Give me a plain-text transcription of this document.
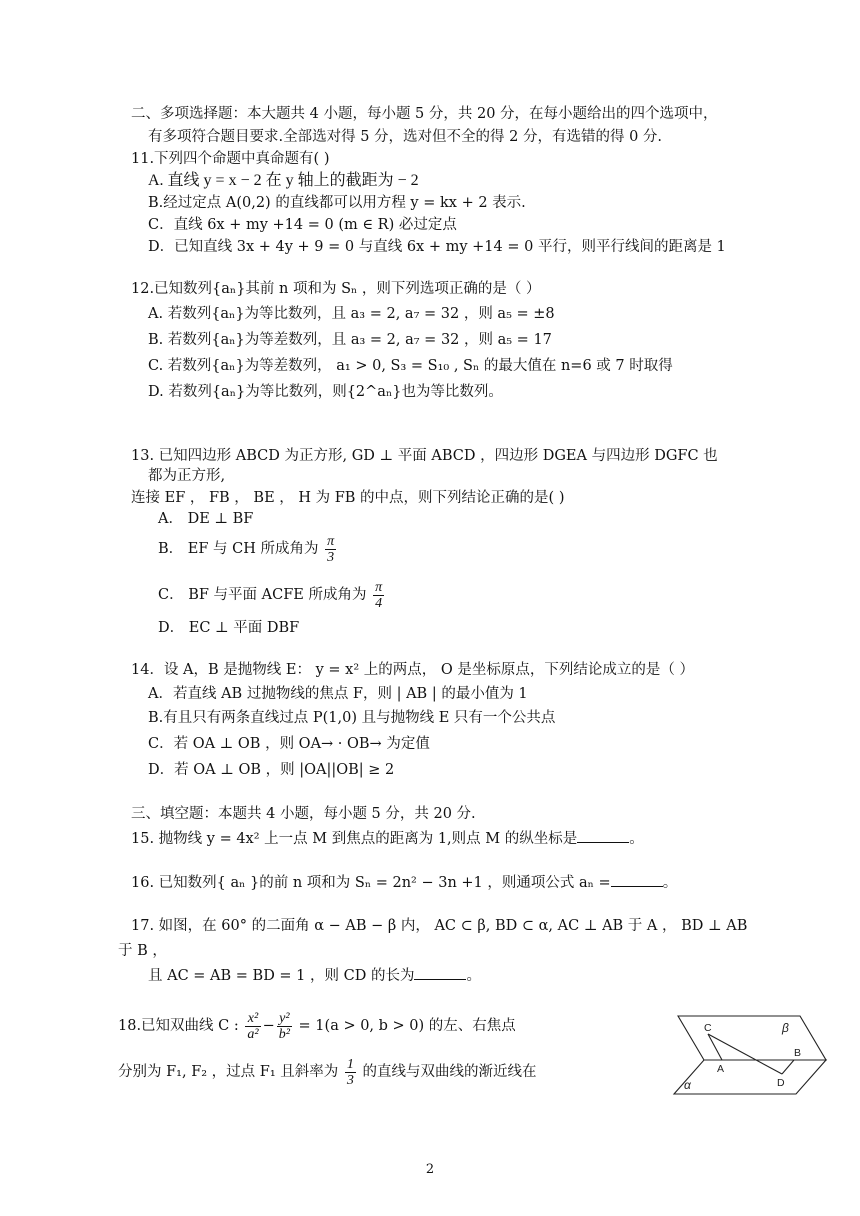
二、多项选择题：本大题共 4 小题，每小题 5 分，共 20 分，在每小题给出的四个选项中，
有多项符合题目要求.全部选对得 5 分，选对但不全的得 2 分，有选错的得 0 分.
11.下列四个命题中真命题有( )
A. 直线 y = x − 2 在 y 轴上的截距为 − 2
B.经过定点 A(0,2) 的直线都可以用方程 y = kx + 2 表示.
C．直线 6x + my +14 = 0 (m ∈ R) 必过定点
D．已知直线 3x + 4y + 9 = 0 与直线 6x + my +14 = 0 平行，则平行线间的距离是 1
12.已知数列{aₙ}其前 n 项和为 Sₙ ，则下列选项正确的是（ ）
A. 若数列{aₙ}为等比数列，且 a₃ = 2, a₇ = 32 ，则 a₅ = ±8
B. 若数列{aₙ}为等差数列，且 a₃ = 2, a₇ = 32 ，则 a₅ = 17
C. 若数列{aₙ}为等差数列， a₁ > 0, S₃ = S₁₀ , Sₙ 的最大值在 n=6 或 7 时取得
D. 若数列{aₙ}为等比数列，则{2^aₙ}也为等比数列。
13. 已知四边形 ABCD 为正方形, GD ⊥ 平面 ABCD ，四边形 DGEA 与四边形 DGFC 也
都为正方形,
连接 EF ， FB ， BE ， H 为 FB 的中点，则下列结论正确的是( )
A． DE ⊥ BF
B． EF 与 CH 所成角为 $\frac{\pi}{3}$
C． BF 与平面 ACFE 所成角为 $\frac{\pi}{4}$
D． EC ⊥ 平面 DBF
14．设 A，B 是抛物线 E： y = x² 上的两点， O 是坐标原点，下列结论成立的是（ ）
A．若直线 AB 过抛物线的焦点 F，则 | AB | 的最小值为 1
B.有且只有两条直线过点 P(1,0) 且与抛物线 E 只有一个公共点
C．若 OA ⊥ OB ，则 OA→ · OB→ 为定值
D．若 OA ⊥ OB ，则 |OA||OB| ≥ 2
三、填空题：本题共 4 小题，每小题 5 分，共 20 分.
15. 抛物线 y = 4x² 上一点 M 到焦点的距离为 1,则点 M 的纵坐标是	。
16. 已知数列{ aₙ }的前 n 项和为 Sₙ = 2n² − 3n +1 ，则通项公式 aₙ =	。
17. 如图，在 60° 的二面角 α − AB − β 内， AC ⊂ β, BD ⊂ α, AC ⊥ AB 于 A ， BD ⊥ AB
于 B ，
且 AC = AB = BD = 1 ，则 CD 的长为	。
18.已知双曲线 C : $\frac{\text{x²}}{\text{a²}} - \frac{\text{y²}}{\text{b²}} = 1(a > 0$, b > 0) 的左、右焦点
分别为 F₁, F₂ ，过点 F₁ 且斜率为 $\frac{1}{3}$ 的直线与双曲线的渐近线在
C	β
B
A
D
α
2
